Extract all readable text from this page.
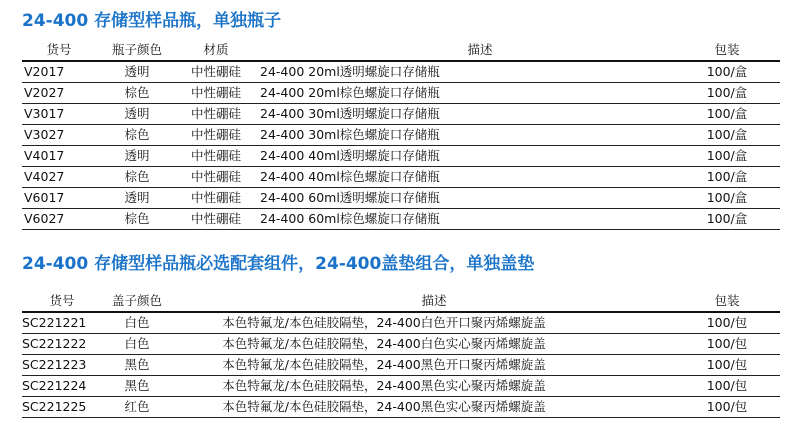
24-400 存储型样品瓶，单独瓶子
货号	瓶子颜色	材质	描述	包装
V2017	透明	中性硼硅	24-400 20ml透明螺旋口存储瓶	100/盒
V2027	棕色	中性硼硅	24-400 20ml棕色螺旋口存储瓶	100/盒
V3017	透明	中性硼硅	24-400 30ml透明螺旋口存储瓶	100/盒
V3027	棕色	中性硼硅	24-400 30ml棕色螺旋口存储瓶	100/盒
V4017	透明	中性硼硅	24-400 40ml透明螺旋口存储瓶	100/盒
V4027	棕色	中性硼硅	24-400 40ml棕色螺旋口存储瓶	100/盒
V6017	透明	中性硼硅	24-400 60ml透明螺旋口存储瓶	100/盒
V6027	棕色	中性硼硅	24-400 60ml棕色螺旋口存储瓶	100/盒
24-400 存储型样品瓶必选配套组件，24-400盖垫组合，单独盖垫
货号	盖子颜色	描述	包装
SC221221	白色	本色特氟龙/本色硅胶隔垫，24-400白色开口聚丙烯螺旋盖	100/包
SC221222	白色	本色特氟龙/本色硅胶隔垫，24-400白色实心聚丙烯螺旋盖	100/包
SC221223	黑色	本色特氟龙/本色硅胶隔垫，24-400黑色开口聚丙烯螺旋盖	100/包
SC221224	黑色	本色特氟龙/本色硅胶隔垫，24-400黑色实心聚丙烯螺旋盖	100/包
SC221225	红色	本色特氟龙/本色硅胶隔垫，24-400黑色实心聚丙烯螺旋盖	100/包
